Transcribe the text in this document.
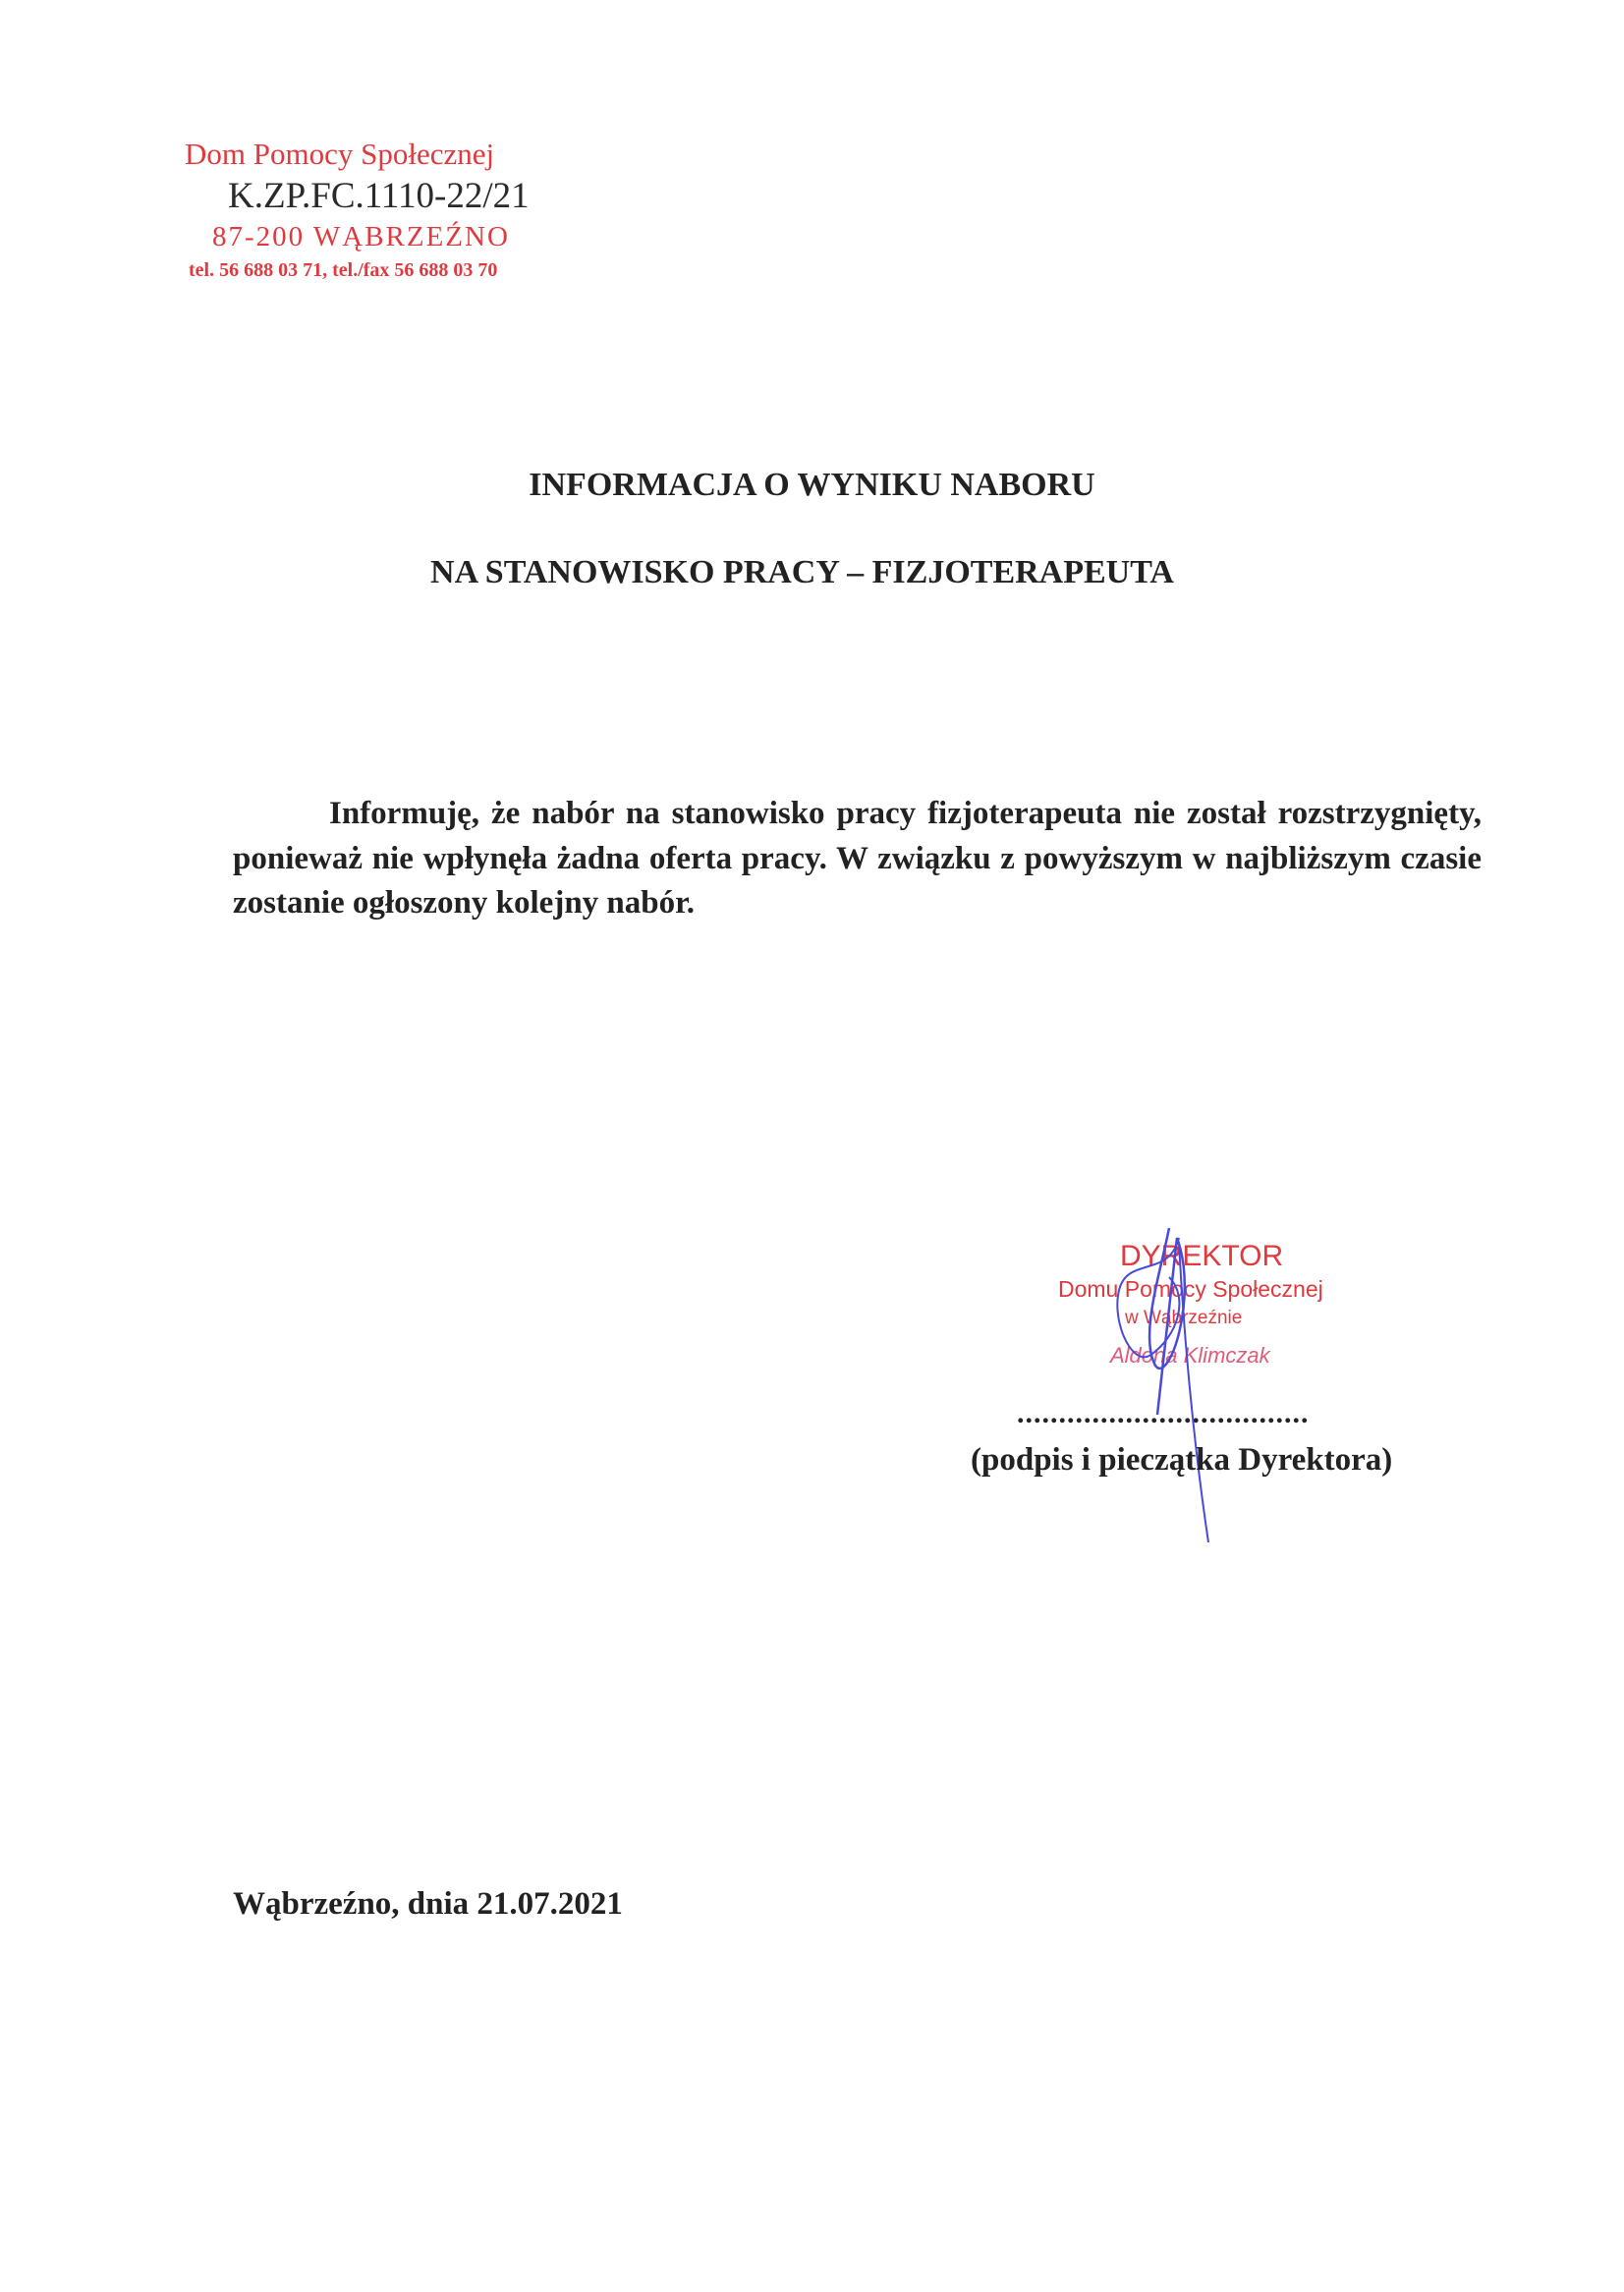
Dom Pomocy Społecznej
K.ZP.FC.1110-22/21
87-200 WĄBRZEŹNO
tel. 56 688 03 71, tel./fax 56 688 03 70
INFORMACJA O WYNIKU NABORU
NA STANOWISKO PRACY – FIZJOTERAPEUTA
Informuję, że nabór na stanowisko pracy fizjoterapeuta nie został rozstrzygnięty, ponieważ nie wpłynęła żadna oferta pracy. W związku z powyższym w najbliższym czasie zostanie ogłoszony kolejny nabór.
DYREKTOR
Domu Pomocy Społecznej
w Wąbrzeźnie
Aldona Klimczak
...................................
(podpis i pieczątka Dyrektora)
Wąbrzeźno, dnia 21.07.2021
